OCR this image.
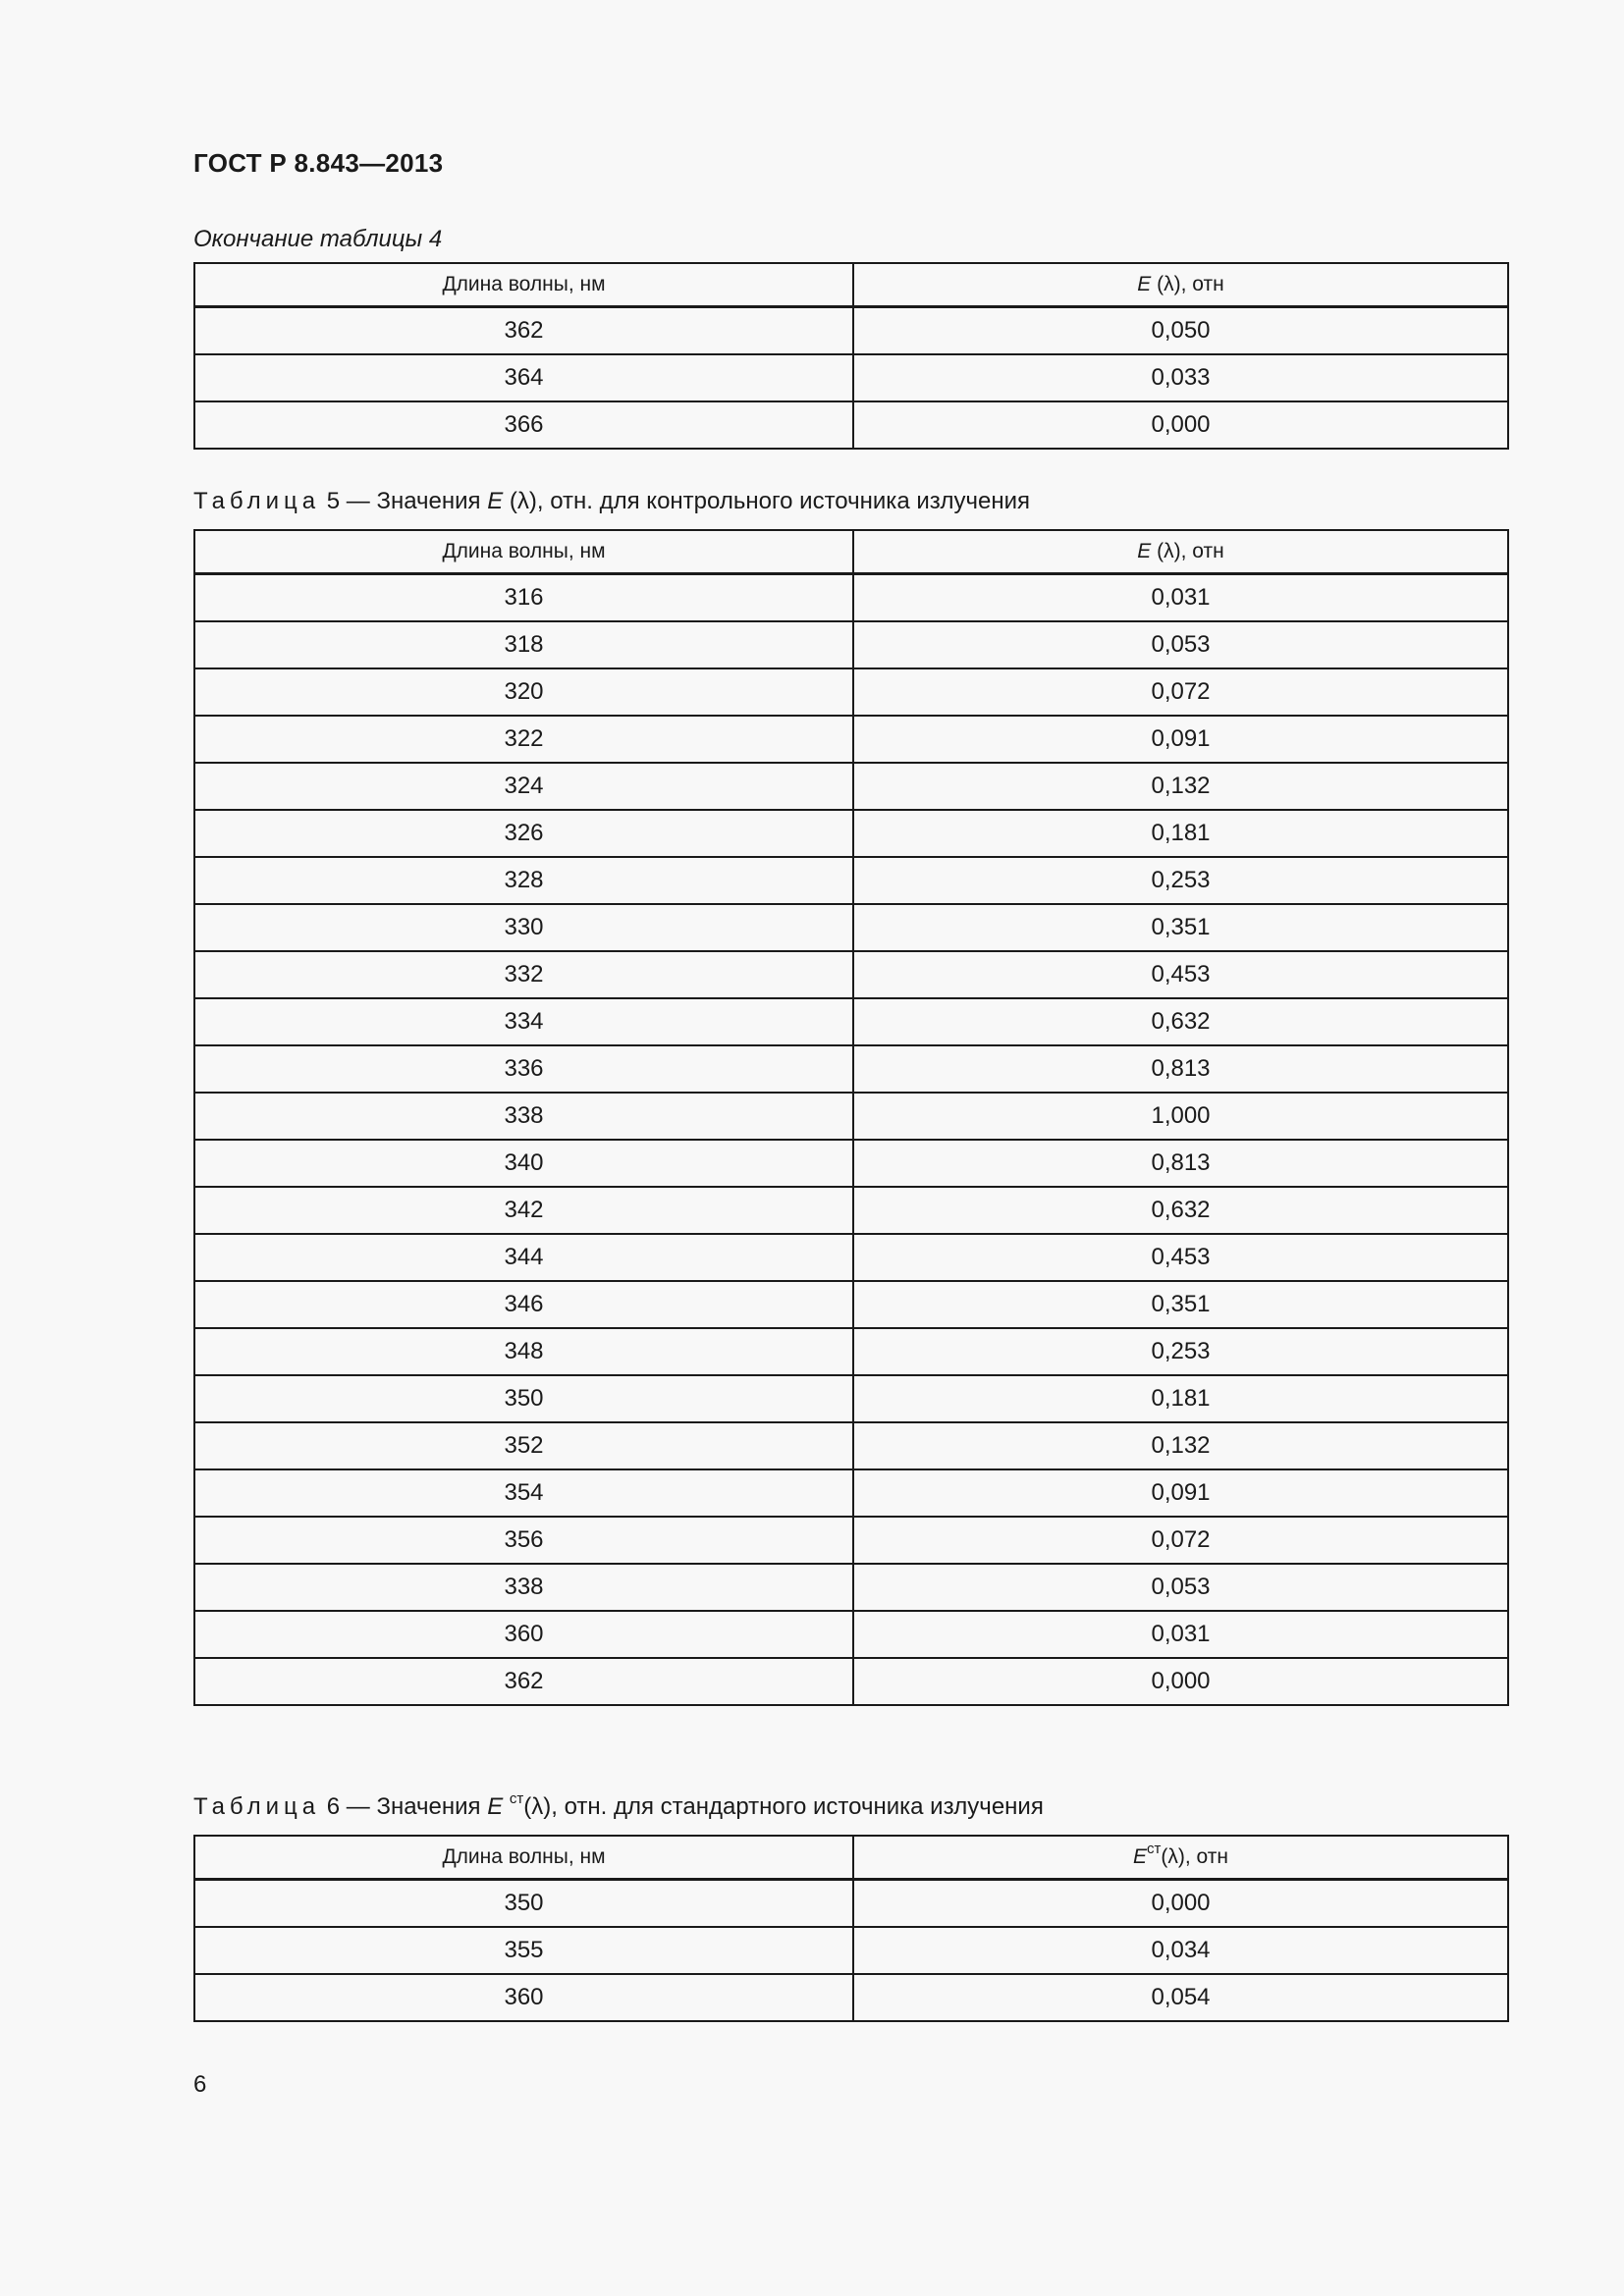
ГОСТ Р 8.843—2013
Окончание таблицы 4
Длина волны, нм	E (λ), отн
362	0,050
364	0,033
366	0,000
Таблица 5 — Значения E (λ), отн. для контрольного источника излучения
Длина волны, нм	E (λ), отн
316	0,031
318	0,053
320	0,072
322	0,091
324	0,132
326	0,181
328	0,253
330	0,351
332	0,453
334	0,632
336	0,813
338	1,000
340	0,813
342	0,632
344	0,453
346	0,351
348	0,253
350	0,181
352	0,132
354	0,091
356	0,072
338	0,053
360	0,031
362	0,000
Таблица 6 — Значения E $^{ст}$(λ), отн. для стандартного источника излучения
Длина волны, нм	$E^{ст}(\lambda)$, отн
350	0,000
355	0,034
360	0,054
6
